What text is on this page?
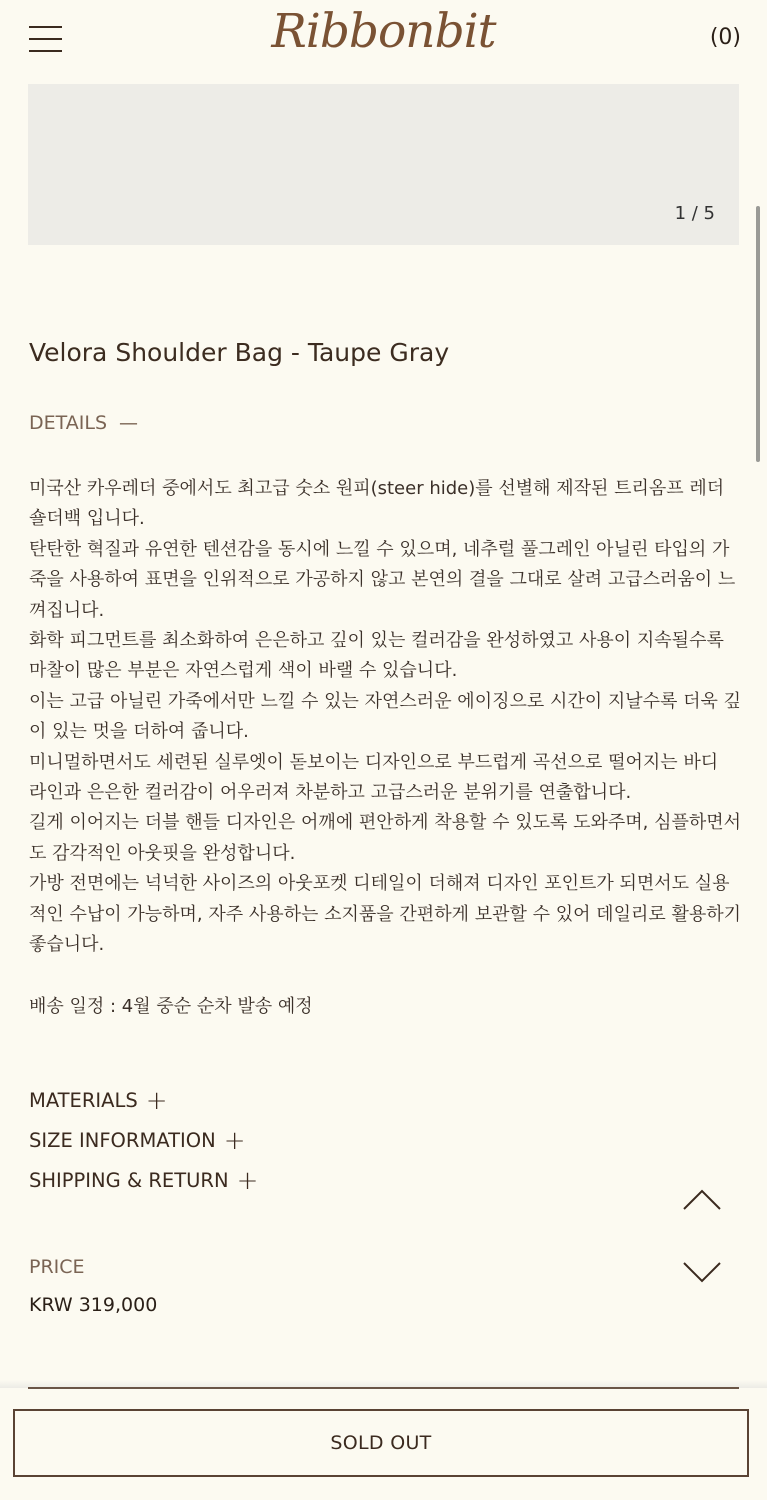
Ribbonbit	(0)
1 / 5
Velora Shoulder Bag - Taupe Gray
DETAILS —

미국산 카우레더 중에서도 최고급 숫소 원피(steer hide)를 선별해 제작된 트리옴프 레더 숄더백 입니다.

탄탄한 혁질과 유연한 텐션감을 동시에 느낄 수 있으며, 네추럴 풀그레인 아닐린 타입의 가죽을 사용하여 표면을 인위적으로 가공하지 않고 본연의 결을 그대로 살려 고급스러움이 느껴집니다.

화학 피그먼트를 최소화하여 은은하고 깊이 있는 컬러감을 완성하였고 사용이 지속될수록 마찰이 많은 부분은 자연스럽게 색이 바랠 수 있습니다.

이는 고급 아닐린 가죽에서만 느낄 수 있는 자연스러운 에이징으로 시간이 지날수록 더욱 깊이 있는 멋을 더하여 줍니다.

미니멀하면서도 세련된 실루엣이 돋보이는 디자인으로 부드럽게 곡선으로 떨어지는 바디 라인과 은은한 컬러감이 어우러져 차분하고 고급스러운 분위기를 연출합니다.

길게 이어지는 더블 핸들 디자인은 어깨에 편안하게 착용할 수 있도록 도와주며, 심플하면서도 감각적인 아웃핏을 완성합니다.

가방 전면에는 넉넉한 사이즈의 아웃포켓 디테일이 더해져 디자인 포인트가 되면서도 실용적인 수납이 가능하며, 자주 사용하는 소지품을 간편하게 보관할 수 있어 데일리로 활용하기 좋습니다.

배송 일정 : 4월 중순 순차 발송 예정
MATERIALS +
SIZE INFORMATION +
SHIPPING & RETURN +
PRICE
KRW 319,000
SOLD OUT
